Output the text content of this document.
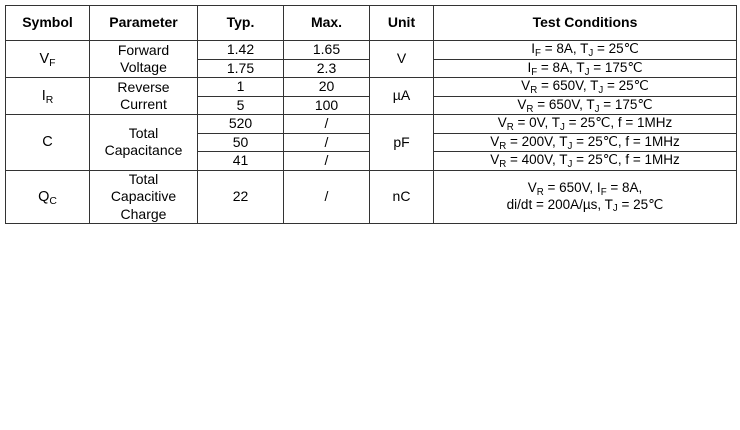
Symbol	Parameter	Typ.	Max.	Unit	Test Conditions
$V_F$	Forward Voltage	1.42	1.65	V	$I_F = 8A$, $T_J$ = 25℃
		1.75	2.3		$I_F = 8A$, $T_J$ = 175℃
$I_R$	Reverse Current	1	20	µA	$V_R = 650V$, $T_J$ = 25℃
		5	100		$V_R = 650V$, $T_J$ = 175℃
C	Total Capacitance	520	/	pF	$V_R = 0V$, $T_J$ = 25℃, f = 1MHz
		50	/		$V_R = 200V$, $T_J$ = 25℃, f = 1MHz
		41	/		$V_R = 400V$, $T_J$ = 25℃, f = 1MHz
$Q_C$	Total Capacitive Charge	22	/	nC	$V_R = 650V$, $I_F = 8A$,
di/dt = 200A/µs, $T_J$ = 25℃
